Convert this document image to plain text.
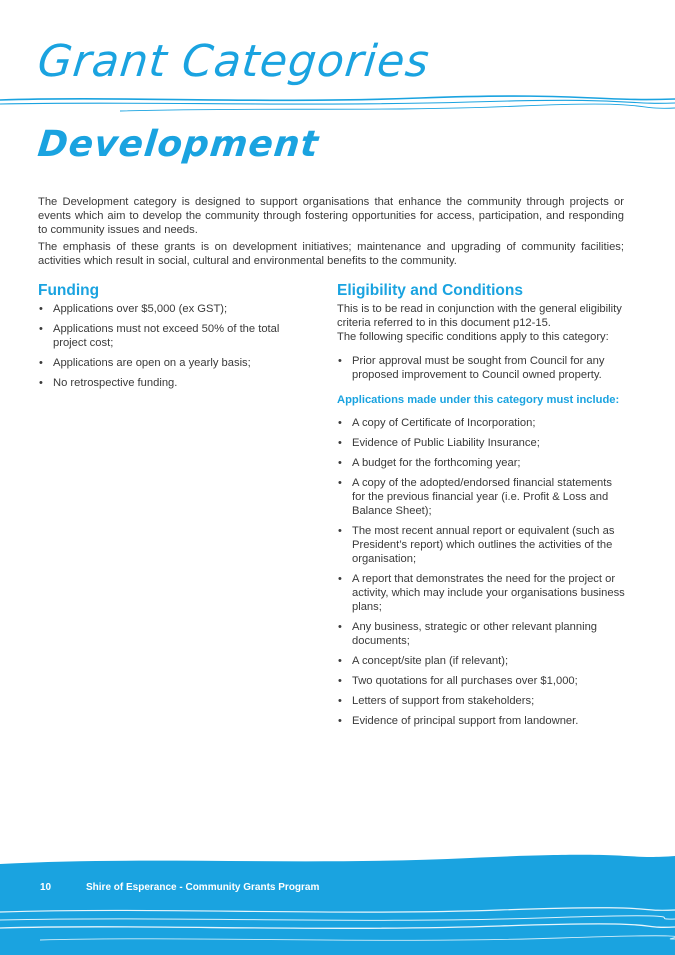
Grant Categories
Development

The Development category is designed to support organisations that enhance the community through projects or events which aim to develop the community through fostering opportunities for access, participation, and responding to community issues and needs.

The emphasis of these grants is on development initiatives; maintenance and upgrading of community facilities; activities which result in social, cultural and environmental benefits to the community.

Funding
• Applications over $5,000 (ex GST);
• Applications must not exceed 50% of the total project cost;
• Applications are open on a yearly basis;
• No retrospective funding.
Eligibility and Conditions

This is to be read in conjunction with the general eligibility criteria referred to in this document p12-15.

The following specific conditions apply to this category:

• Prior approval must be sought from Council for any proposed improvement to Council owned property.
Applications made under this category must include:
• A copy of Certificate of Incorporation;
• Evidence of Public Liability Insurance;
• A budget for the forthcoming year;
• A copy of the adopted/endorsed financial statements for the previous financial year (i.e. Profit & Loss and Balance Sheet);
• The most recent annual report or equivalent (such as President’s report) which outlines the activities of the organisation;
• A report that demonstrates the need for the project or activity, which may include your organisations business plans;
• Any business, strategic or other relevant planning documents;
• A concept/site plan (if relevant);
• Two quotations for all purchases over $1,000;
• Letters of support from stakeholders;
• Evidence of principal support from landowner.
10	Shire of Esperance - Community Grants Program
